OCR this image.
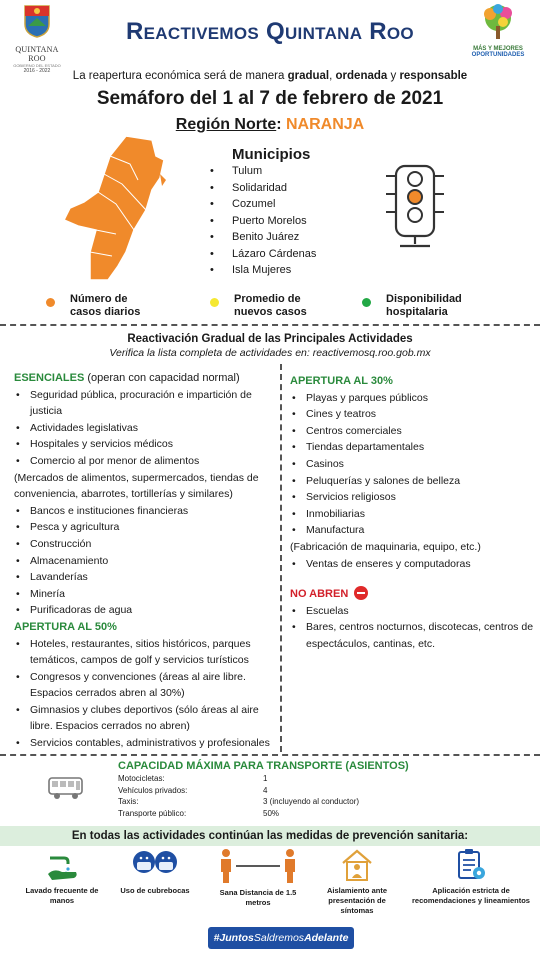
QUINTANA ROO
GOBIERNO DEL ESTADO
2016 - 2022
Reactivemos Quintana Roo
MÁS Y MEJORES
OPORTUNIDADES
La reapertura económica será de manera gradual, ordenada y responsable
Semáforo del 1 al 7 de febrero de 2021
Región Norte: NARANJA
Municipios
• Tulum
• Solidaridad
• Cozumel
• Puerto Morelos
• Benito Juárez
• Lázaro Cárdenas
• Isla Mujeres
Número de
casos diarios
Promedio de
nuevos casos
Disponibilidad
hospitalaria
Reactivación Gradual de las Principales Actividades
Verifica la lista completa de actividades en: reactivemosq.roo.gob.mx
ESENCIALES (operan con capacidad normal)
• Seguridad pública, procuración e impartición de justicia
• Actividades legislativas
• Hospitales y servicios médicos
• Comercio al por menor de alimentos
(Mercados de alimentos, supermercados, tiendas de conveniencia, abarrotes, tortillerías y similares)
• Bancos e instituciones financieras
• Pesca y agricultura
• Construcción
• Almacenamiento
• Lavanderías
• Minería
• Purificadoras de agua
APERTURA AL 50%
• Hoteles, restaurantes, sitios históricos, parques temáticos, campos de golf y servicios turísticos
• Congresos y convenciones (áreas al aire libre. Espacios cerrados abren al 30%)
• Gimnasios y clubes deportivos (sólo áreas al aire libre. Espacios cerrados no abren)
• Servicios contables, administrativos y profesionales
APERTURA AL 30%
• Playas y parques públicos
• Cines y teatros
• Centros comerciales
• Tiendas departamentales
• Casinos
• Peluquerías y salones de belleza
• Servicios religiosos
• Inmobiliarias
• Manufactura
(Fabricación de maquinaria, equipo, etc.)
• Ventas de enseres y computadoras
NO ABREN
• Escuelas
• Bares, centros nocturnos, discotecas, centros de espectáculos, cantinas, etc.
CAPACIDAD MÁXIMA PARA TRANSPORTE (ASIENTOS)
Motocicletas:	1
Vehículos privados:	4
Taxis:	3 (incluyendo al conductor)
Transporte público:	50%
En todas las actividades continúan las medidas de prevención sanitaria:
Lavado frecuente de manos
Uso de cubrebocas	Sana Distancia de 1.5 metros
Aislamiento ante presentación de síntomas
Aplicación estricta de recomendaciones y lineamientos
#JuntosSaldremosAdelante
